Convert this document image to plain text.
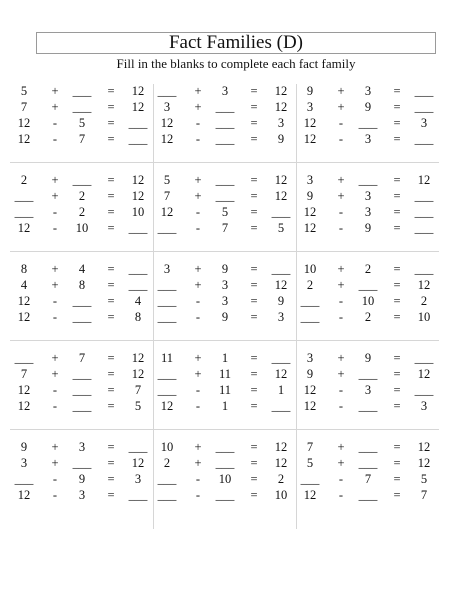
Fact Families (D)
Fill in the blanks to complete each fact family
5	+	___	=	12
7	+	___	=	12
12	-	5	=	___
12	-	7	=	___
___	+	3	=	12
3	+	___	=	12
12	-	___	=	3
12	-	___	=	9
9	+	3	=	___
3	+	9	=	___
12	-	___	=	3
12	-	3	=	___
2	+	___	=	12
___	+	2	=	12
___	-	2	=	10
12	-	10	=	___
5	+	___	=	12
7	+	___	=	12
12	-	5	=	___
___	-	7	=	5
3	+	___	=	12
9	+	3	=	___
12	-	3	=	___
12	-	9	=	___
8	+	4	=	___
4	+	8	=	___
12	-	___	=	4
12	-	___	=	8
3	+	9	=	___
___	+	3	=	12
___	-	3	=	9
___	-	9	=	3
10	+	2	=	___
2	+	___	=	12
___	-	10	=	2
___	-	2	=	10
___	+	7	=	12
7	+	___	=	12
12	-	___	=	7
12	-	___	=	5
11	+	1	=	___
___	+	11	=	12
___	-	11	=	1
12	-	1	=	___
3	+	9	=	___
9	+	___	=	12
12	-	3	=	___
12	-	___	=	3
9	+	3	=	___
3	+	___	=	12
___	-	9	=	3
12	-	3	=	___
10	+	___	=	12
2	+	___	=	12
___	-	10	=	2
___	-	___	=	10
7	+	___	=	12
5	+	___	=	12
___	-	7	=	5
12	-	___	=	7
